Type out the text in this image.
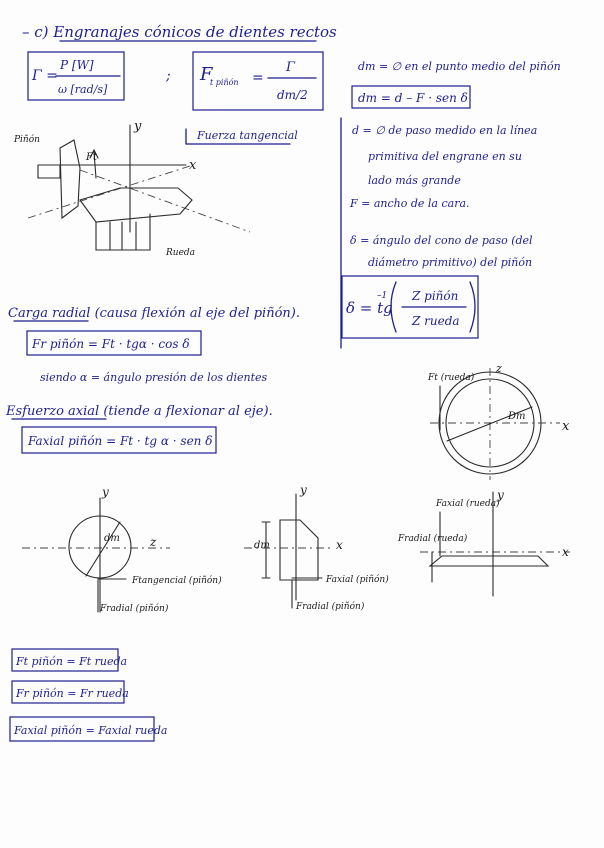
– c) Engranajes cónicos de dientes rectos
Γ =
P [W]
ω [rad/s]
; F
t piñón =
Γ
dm/2
Fuerza tangencial
dm = ∅ en el punto medio del piñón
dm = d – F · sen δ
d = ∅ de paso medido en la línea
primitiva del engrane en su
lado más grande
F = ancho de la cara.
δ = ángulo del cono de paso (del
diámetro primitivo) del piñón
δ = tg
–1 Z piñón
Z rueda
y
x
Ft
Piñón
Rueda
Carga radial (causa flexión al eje del piñón).
Fr piñón = Ft · tgα · cos δ
siendo α = ángulo presión de los dientes
Esfuerzo axial (tiende a flexionar al eje).
Faxial piñón = Ft · tg α · sen δ
Dm
z
x
Ft (rueda)
y
z
dm
Ftangencial (piñón)
Fradial (piñón)
y
x
dm
Faxial (piñón)
Fradial (piñón)
y
x
Faxial (rueda)
Fradial (rueda)
Ft piñón = Ft rueda
Fr piñón = Fr rueda
Faxial piñón = Faxial rueda
